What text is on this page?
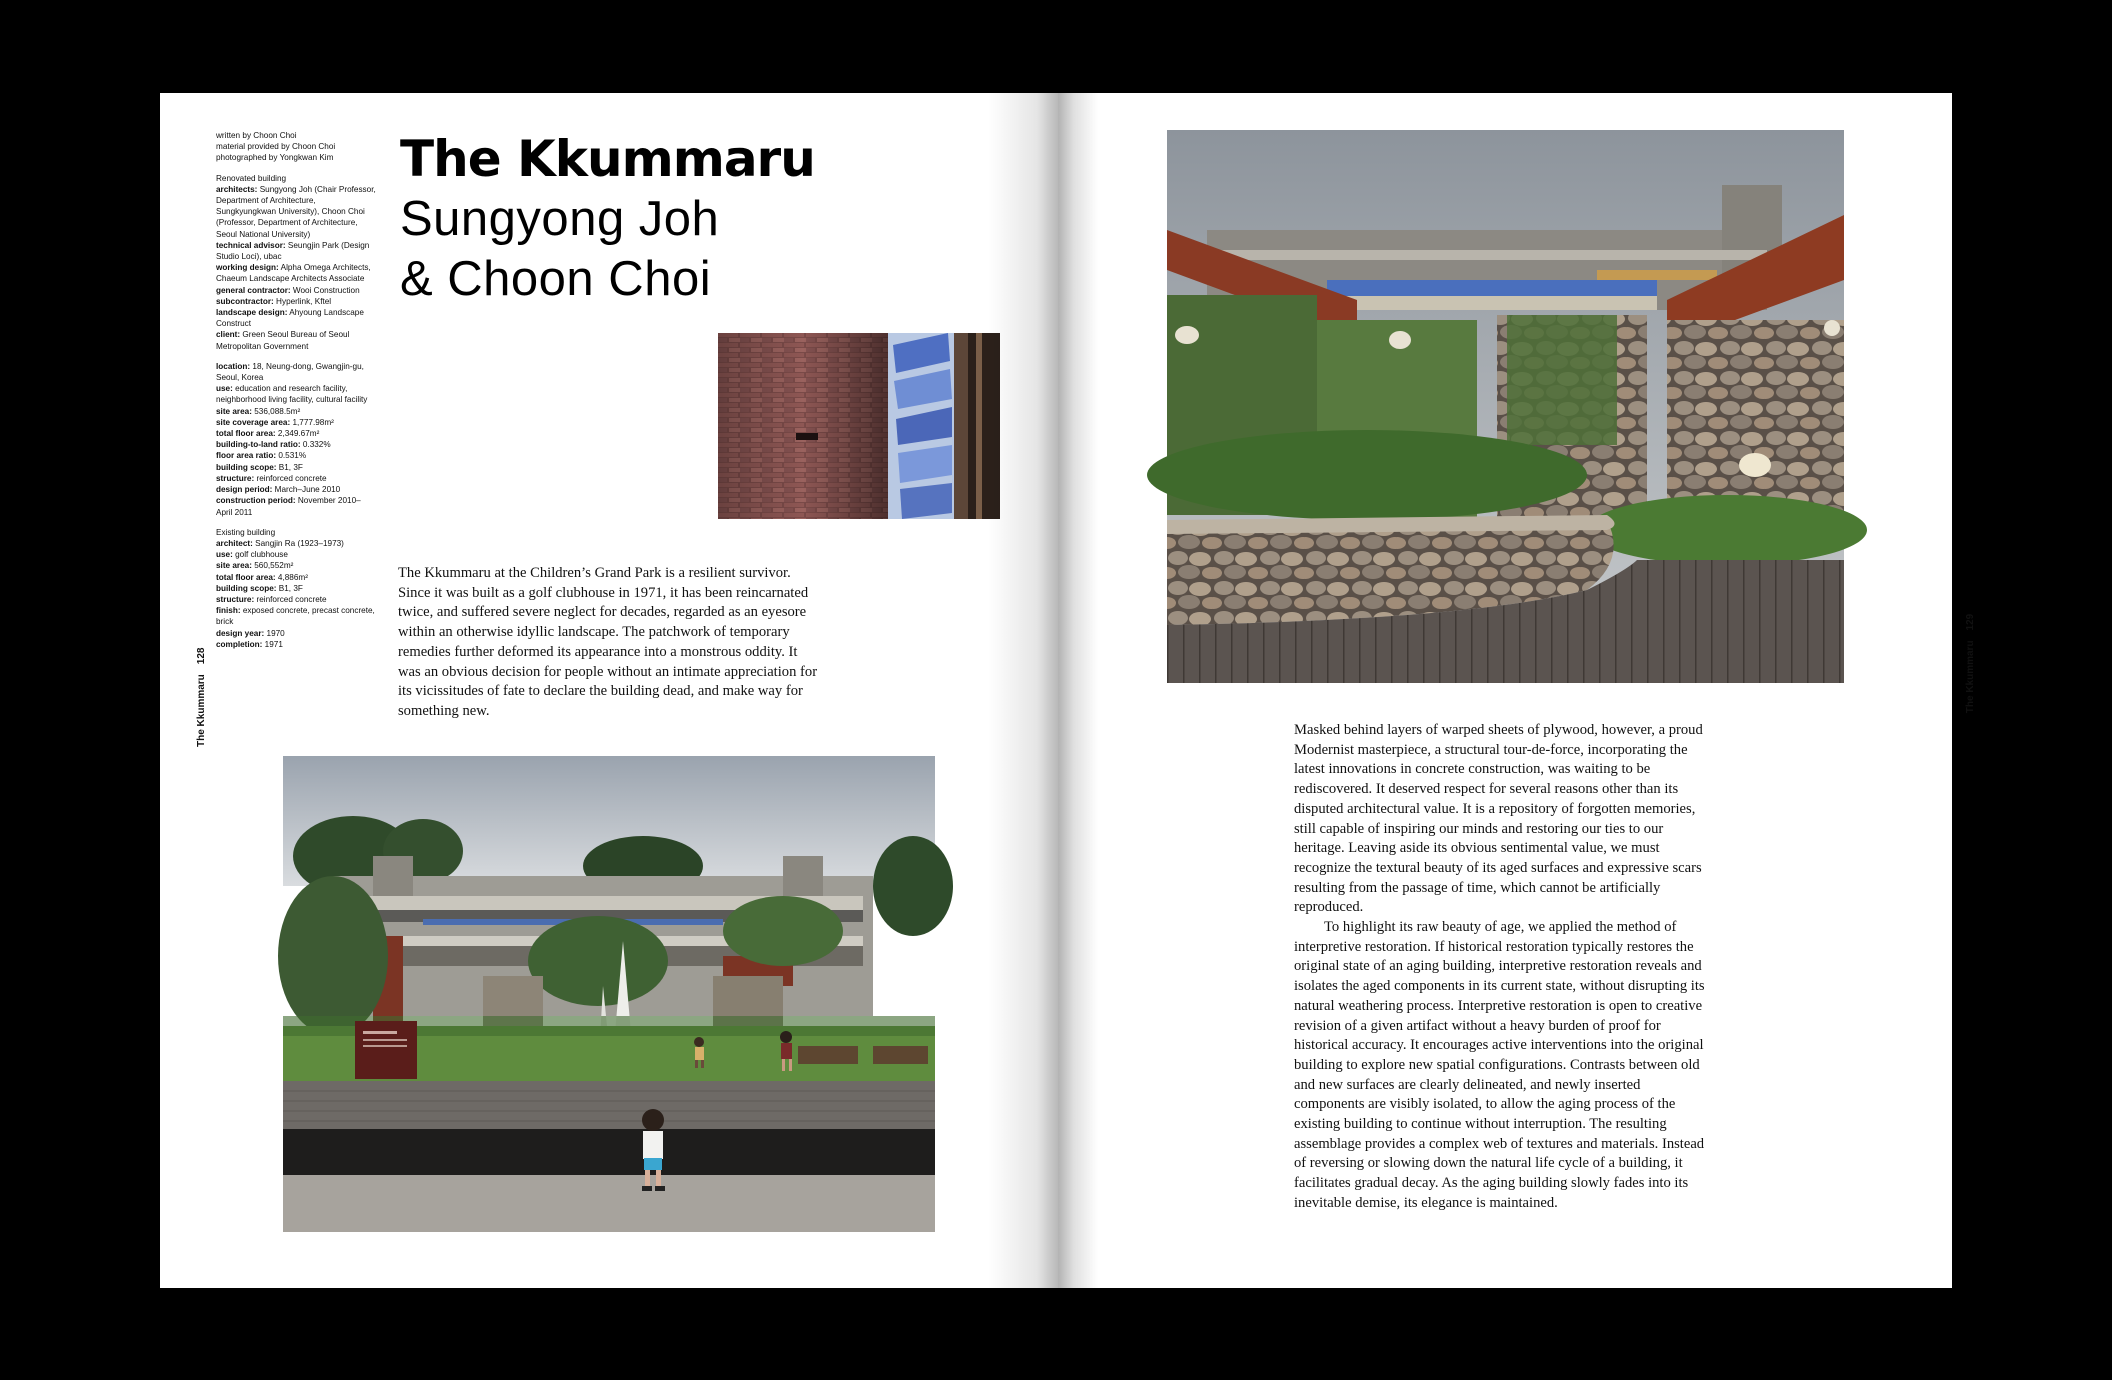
written by Choon Choi
material provided by Choon Choi
photographed by Yongkwan Kim

Renovated building
architects: Sungyong Joh (Chair Professor, Department of Architecture, Sungkyungkwan University), Choon Choi (Professor, Department of Architecture, Seoul National University)
technical advisor: Seungjin Park (Design Studio Loci), ubac
working design: Alpha Omega Architects, Chaeum Landscape Architects Associate
general contractor: Wooi Construction
subcontractor: Hyperlink, Kftel
landscape design: Ahyoung Landscape Construct
client: Green Seoul Bureau of Seoul Metropolitan Government

location: 18, Neung-dong, Gwangjin-gu, Seoul, Korea
use: education and research facility, neighborhood living facility, cultural facility
site area: 536,088.5m²
site coverage area: 1,777.98m²
total floor area: 2,349.67m²
building-to-land ratio: 0.332%
floor area ratio: 0.531%
building scope: B1, 3F
structure: reinforced concrete
design period: March–June 2010
construction period: November 2010–April 2011

Existing building
architect: Sangjin Ra (1923–1973)
use: golf clubhouse
site area: 560,552m²
total floor area: 4,886m²
building scope: B1, 3F
structure: reinforced concrete
finish: exposed concrete, precast concrete, brick
design year: 1970
completion: 1971

The Kkummaru128
The Kkummaru
Sungyong Joh
& Choon Choi

The Kkummaru at the Children’s Grand Park is a resilient survivor. Since it was built as a golf clubhouse in 1971, it has been reincarnated twice, and suffered severe neglect for decades, regarded as an eyesore within an otherwise idyllic landscape. The patchwork of temporary remedies further deformed its appearance into a monstrous oddity. It was an obvious decision for people without an intimate appreciation for its vicissitudes of fate to declare the building dead, and make way for something new.

Masked behind layers of warped sheets of plywood, however, a proud Modernist masterpiece, a structural tour-de-force, incorporating the latest innovations in concrete construction, was waiting to be rediscovered. It deserved respect for several reasons other than its disputed architectural value. It is a repository of forgotten memories, still capable of inspiring our minds and restoring our ties to our heritage. Leaving aside its obvious sentimental value, we must recognize the textural beauty of its aged surfaces and expressive scars resulting from the passage of time, which cannot be artificially reproduced.

To highlight its raw beauty of age, we applied the method of interpretive restoration. If historical restoration typically restores the original state of an aging building, interpretive restoration reveals and isolates the aged components in its current state, without disrupting its natural weathering process. Interpretive restoration is open to creative revision of a given artifact without a heavy burden of proof for historical accuracy. It encourages active interventions into the original building to explore new spatial configurations. Contrasts between old and new surfaces are clearly delineated, and newly inserted components are visibly isolated, to allow the aging process of the existing building to continue without interruption. The resulting assemblage provides a complex web of textures and materials. Instead of reversing or slowing down the natural life cycle of a building, it facilitates gradual decay. As the aging building slowly fades into its inevitable demise, its elegance is maintained.

The Kkummaru129
